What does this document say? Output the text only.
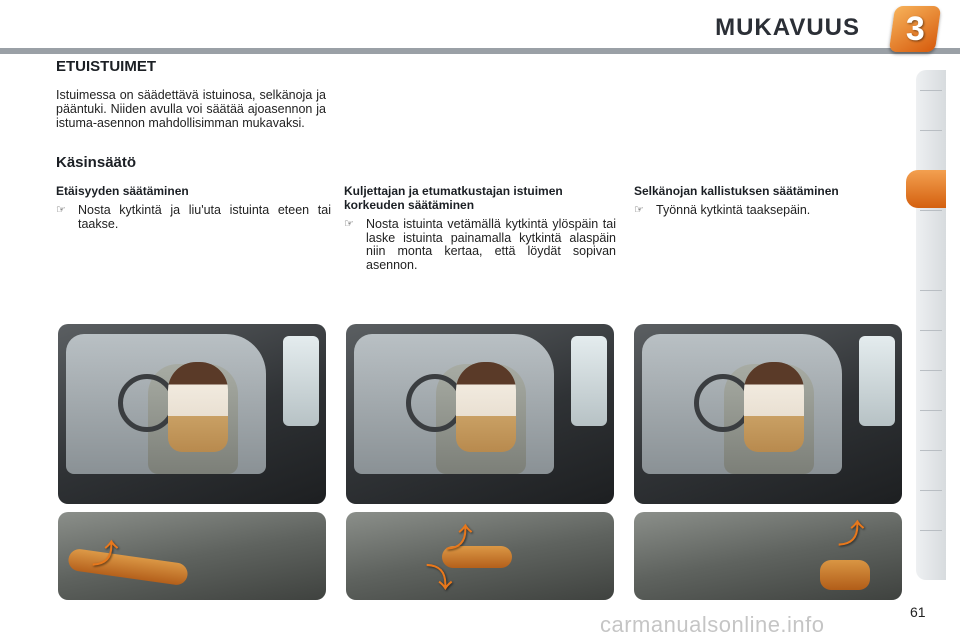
MUKAVUUS 3
ETUISTUIMET

Istuimessa on säädettävä istuinosa, selkänoja ja pääntuki. Niiden avulla voi säätää ajoasennon ja istuma-asennon mahdollisimman mukavaksi.

Käsinsäätö
Etäisyyden säätäminen
☞ Nosta kytkintä ja liu'uta istuinta eteen tai taakse.
Kuljettajan ja etumatkustajan istuimen korkeuden säätäminen
☞ Nosta istuinta vetämällä kytkintä ylöspäin tai laske istuinta painamalla kytkintä alaspäin niin monta kertaa, että löydät sopivan asennon.
Selkänojan kallistuksen säätäminen
☞ Työnnä kytkintä taaksepäin.
⤴
⤴
⤵
⤴
61
carmanualsonline.info
